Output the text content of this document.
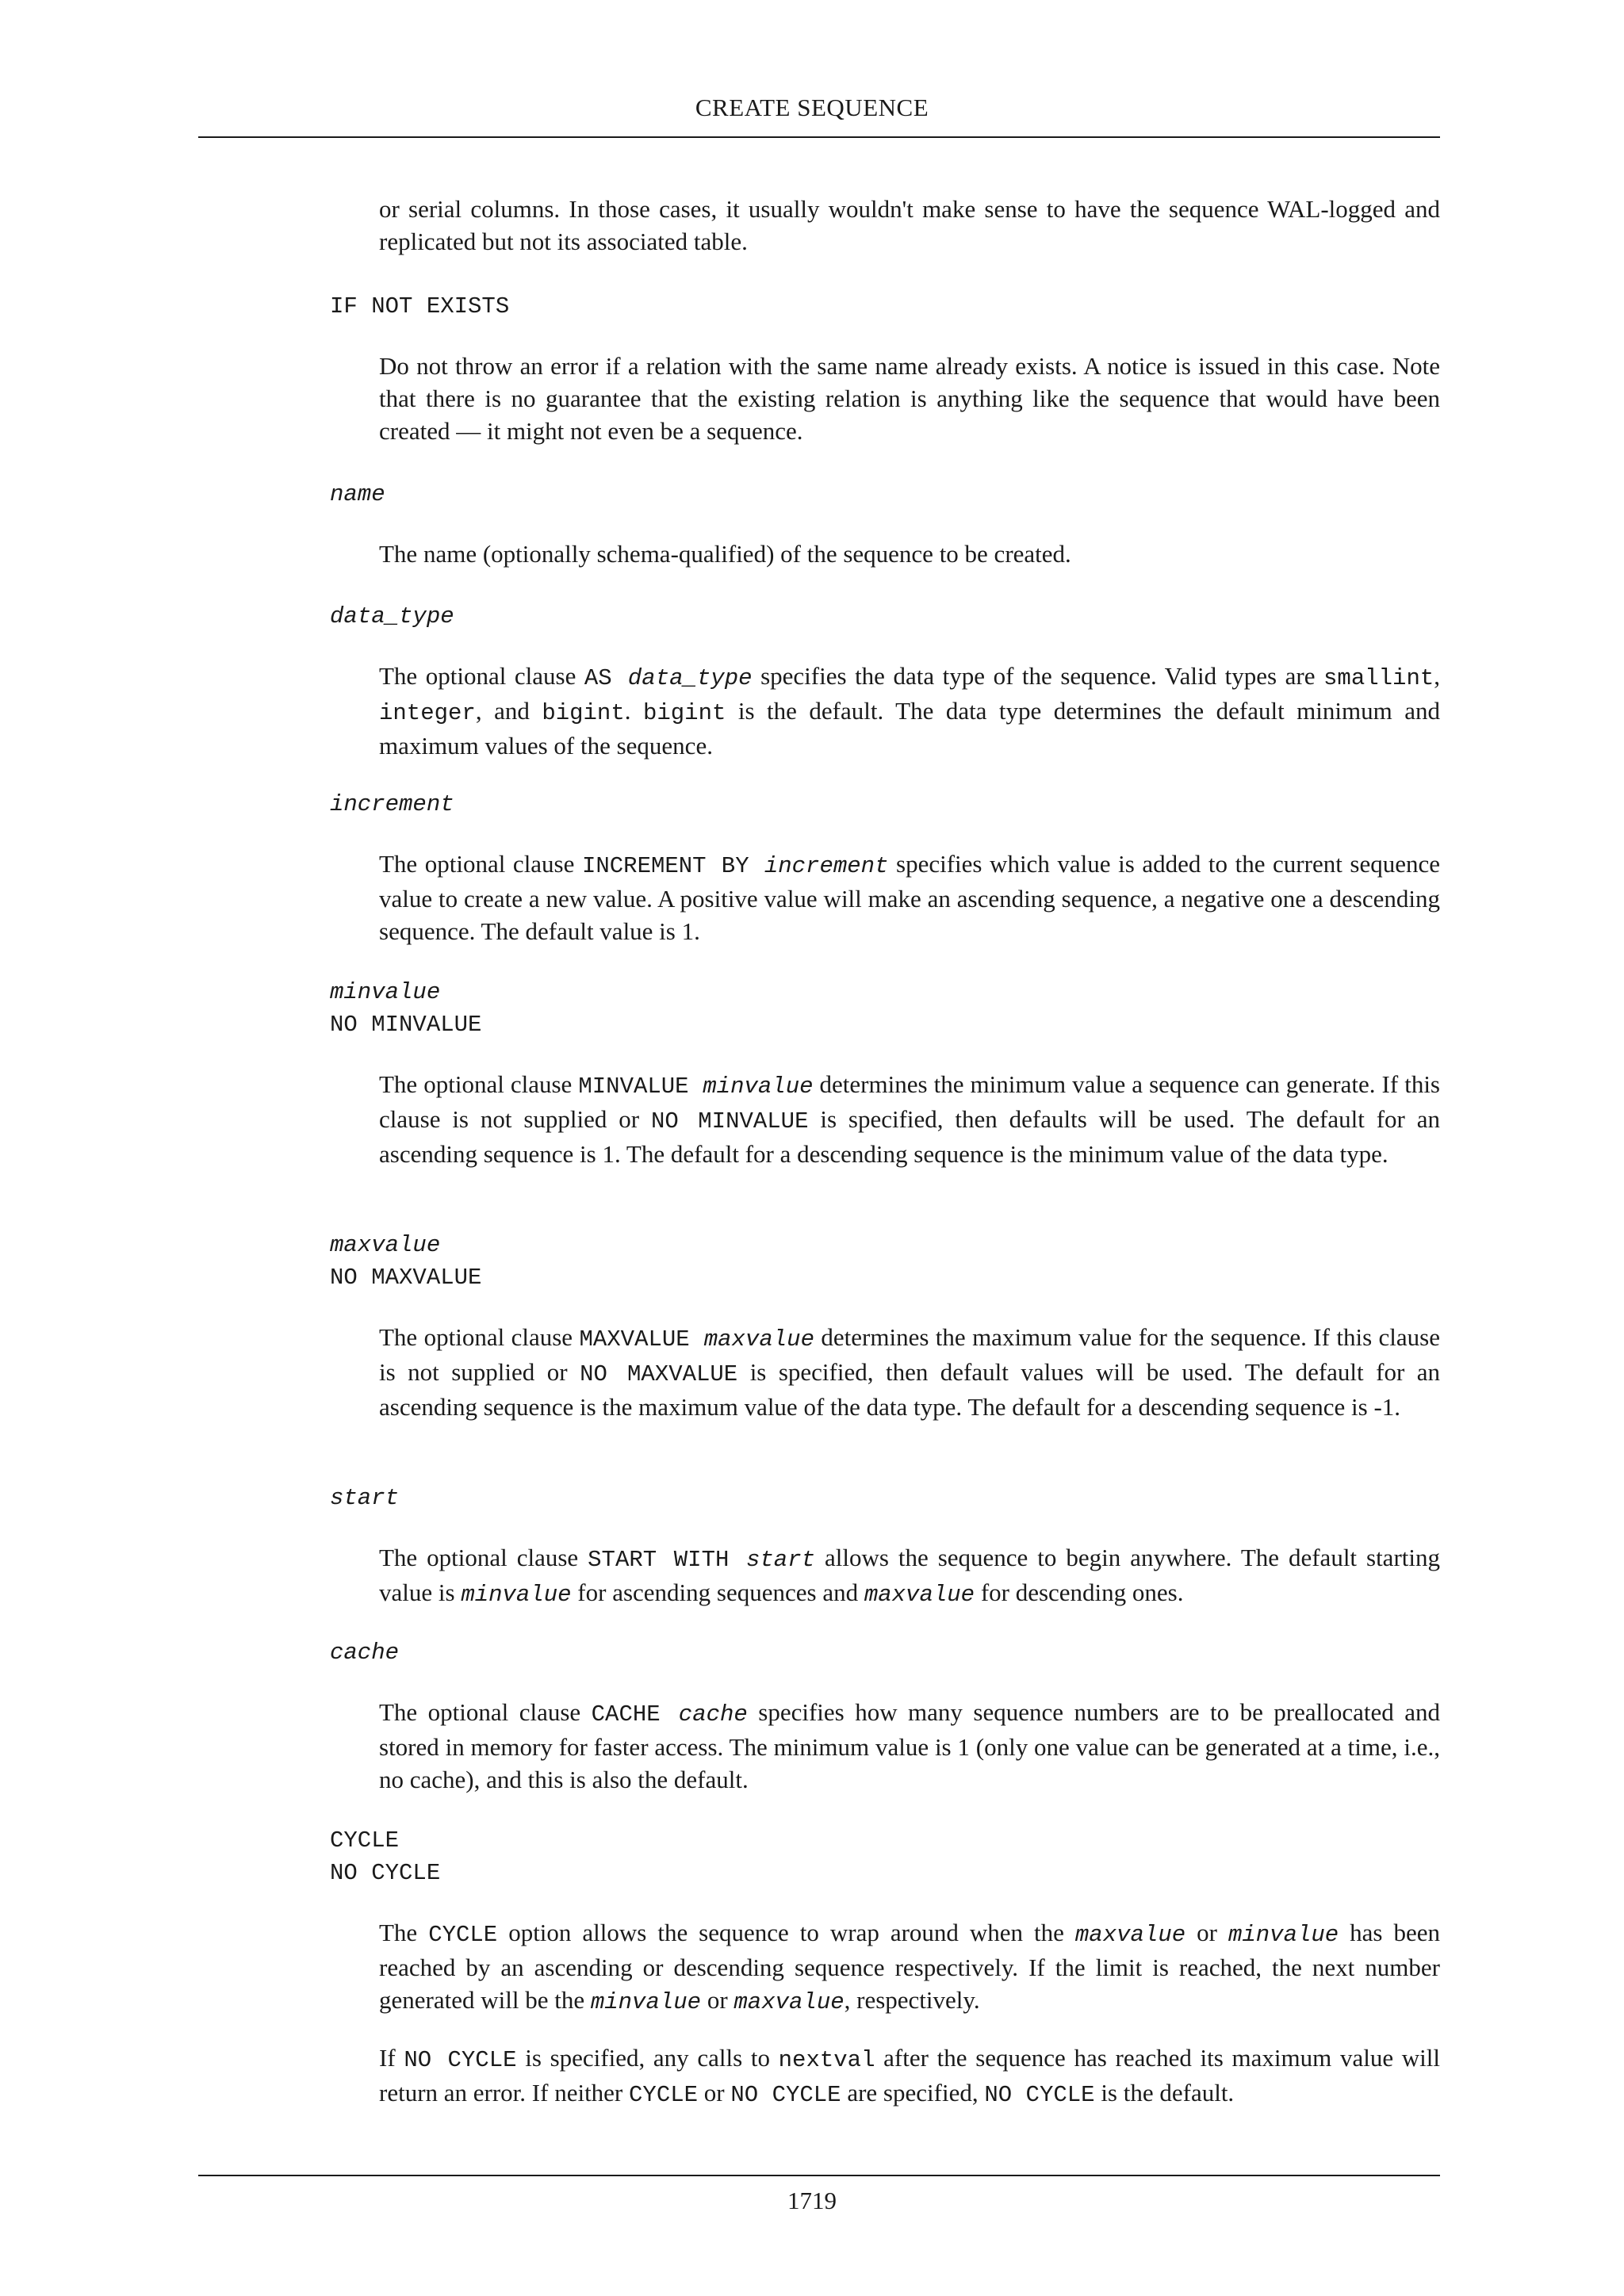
CREATE SEQUENCE

or serial columns. In those cases, it usually wouldn't make sense to have the sequence WAL-logged and replicated but not its associated table.

IF NOT EXISTS

Do not throw an error if a relation with the same name already exists. A notice is issued in this case. Note that there is no guarantee that the existing relation is anything like the sequence that would have been created — it might not even be a sequence.

name

The name (optionally schema-qualified) of the sequence to be created.

data_type

The optional clause AS data_type specifies the data type of the sequence. Valid types are smallint, integer, and bigint. bigint is the default. The data type determines the default minimum and maximum values of the sequence.

increment

The optional clause INCREMENT BY increment specifies which value is added to the current sequence value to create a new value. A positive value will make an ascending sequence, a negative one a descending sequence. The default value is 1.

minvalue
NO MINVALUE

The optional clause MINVALUE minvalue determines the minimum value a sequence can generate. If this clause is not supplied or NO MINVALUE is specified, then defaults will be used. The default for an ascending sequence is 1. The default for a descending sequence is the minimum value of the data type.

maxvalue
NO MAXVALUE

The optional clause MAXVALUE maxvalue determines the maximum value for the sequence. If this clause is not supplied or NO MAXVALUE is specified, then default values will be used. The default for an ascending sequence is the maximum value of the data type. The default for a descending sequence is -1.

start

The optional clause START WITH start allows the sequence to begin anywhere. The default starting value is minvalue for ascending sequences and maxvalue for descending ones.

cache

The optional clause CACHE cache specifies how many sequence numbers are to be preallocated and stored in memory for faster access. The minimum value is 1 (only one value can be generated at a time, i.e., no cache), and this is also the default.

CYCLE
NO CYCLE

The CYCLE option allows the sequence to wrap around when the maxvalue or minvalue has been reached by an ascending or descending sequence respectively. If the limit is reached, the next number generated will be the minvalue or maxvalue, respectively.

If NO CYCLE is specified, any calls to nextval after the sequence has reached its maximum value will return an error. If neither CYCLE or NO CYCLE are specified, NO CYCLE is the default.

1719
